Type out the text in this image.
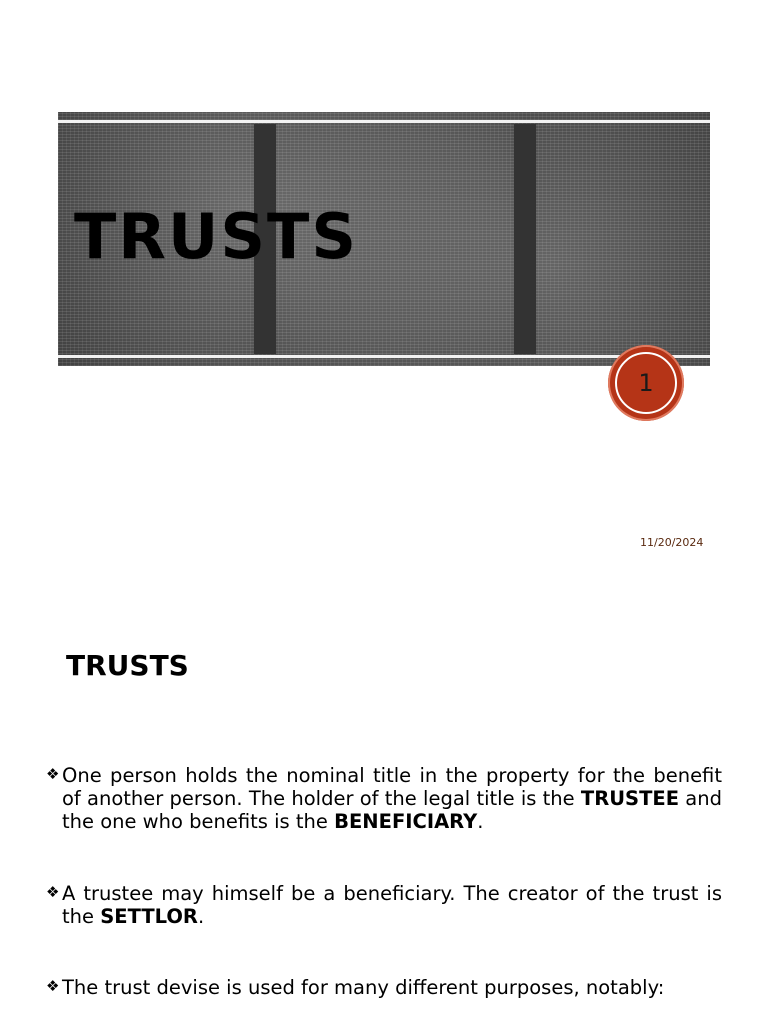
TRUSTS
1
11/20/2024
TRUSTS

❖ One person holds the nominal title in the property for the benefit of another person. The holder of the legal title is the TRUSTEE and the one who benefits is the BENEFICIARY.

❖ A trustee may himself be a beneficiary. The creator of the trust is the SETTLOR.

❖ The trust devise is used for many different purposes, notably:
